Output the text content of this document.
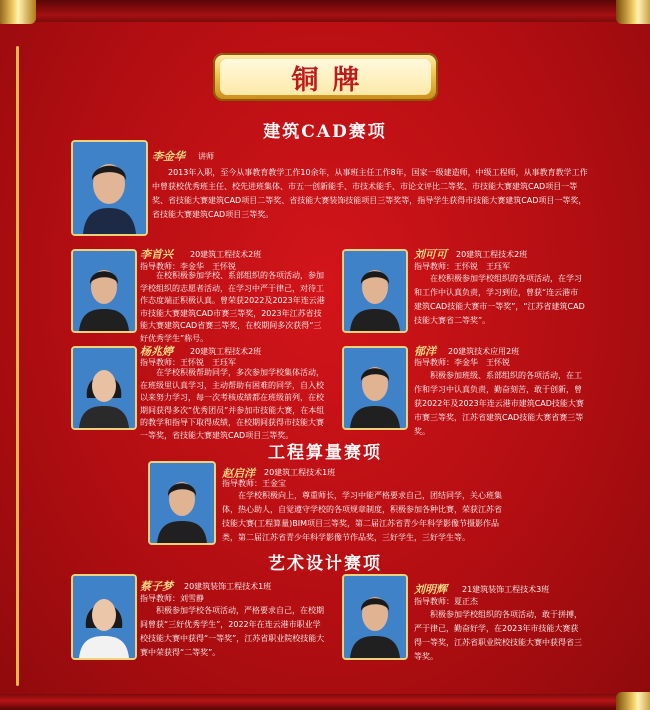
铜牌
建筑CAD赛项
李金华 讲师
2013年入职，至今从事教育教学工作10余年，从事班主任工作8年，国家一级建造师，中级工程师，从事教育教学工作中曾获校优秀班主任、校先进班集体、市五一创新能手、市技术能手、市论文评比二等奖、市技能大赛建筑CAD项目一等奖、省技能大赛建筑CAD项目二等奖、省技能大赛装饰技能项目三等奖等，指导学生获得市技能大赛建筑CAD项目一等奖，省技能大赛建筑CAD项目三等奖。
李首兴 20建筑工程技术2班
指导教师：李金华　王怀锐
在校积极参加学校、系部组织的各项活动，参加学校组织的志愿者活动，在学习中严于律己，对待工作态度端正积极认真。曾荣获2022及2023年连云港市技能大赛建筑CAD市赛三等奖，2023年江苏省技能大赛建筑CAD省赛三等奖，在校期间多次获得“三好优秀学生”称号。
刘可可 20建筑工程技术2班
指导教师：王怀锐　王珏军
在校积极参加学校组织的各项活动，在学习和工作中认真负责，学习到位，曾获“连云港市建筑CAD技能大赛市一等奖”，“江苏省建筑CAD技能大赛省二等奖”。
杨兆婷 20建筑工程技术2班
指导教师：王怀锐　王珏军
在学校积极帮助同学，多次参加学校集体活动，在班级里认真学习，主动帮助有困难的同学，自入校以来努力学习，每一次考核成绩都在班级前列，在校期间获得多次“优秀团员”并参加市技能大赛，在本组的教学和指导下取得成绩，在校期间获得市技能大赛一等奖，省技能大赛建筑CAD项目三等奖。
郁洋 20建筑技术应用2班
指导教师：李金华　王怀锐
积极参加班级、系部组织的各项活动，在工作和学习中认真负责，勤奋刻苦，敢于创新，曾获2022年及2023年连云港市建筑CAD技能大赛市赛三等奖，江苏省建筑CAD技能大赛省赛三等奖。
工程算量赛项
赵启洋 20建筑工程技术1班
指导教师：王金宝
在学校积极向上，尊重师长，学习中能严格要求自己，团结同学，关心班集体，热心助人，自觉遵守学校的各项规章制度，积极参加各种比赛，荣获江苏省技能大赛(工程算量)BIM项目三等奖，第二届江苏省青少年科学影像节摄影作品类，第二届江苏省青少年科学影像节作品奖，三好学生，三好学生等。
艺术设计赛项
蔡子梦 20建筑装饰工程技术1班
指导教师：刘雪静
积极参加学校各项活动，严格要求自己，在校期间曾获“三好优秀学生”，2022年在连云港市职业学校技能大赛中获得“一等奖”，江苏省职业院校技能大赛中荣获得“二等奖”。
刘明辉 21建筑装饰工程技术3班
指导教师：夏正杰
积极参加学校组织的各项活动，敢于拼搏，严于律己，勤奋好学，在2023年市技能大赛获得一等奖，江苏省职业院校技能大赛中获得省三等奖。
